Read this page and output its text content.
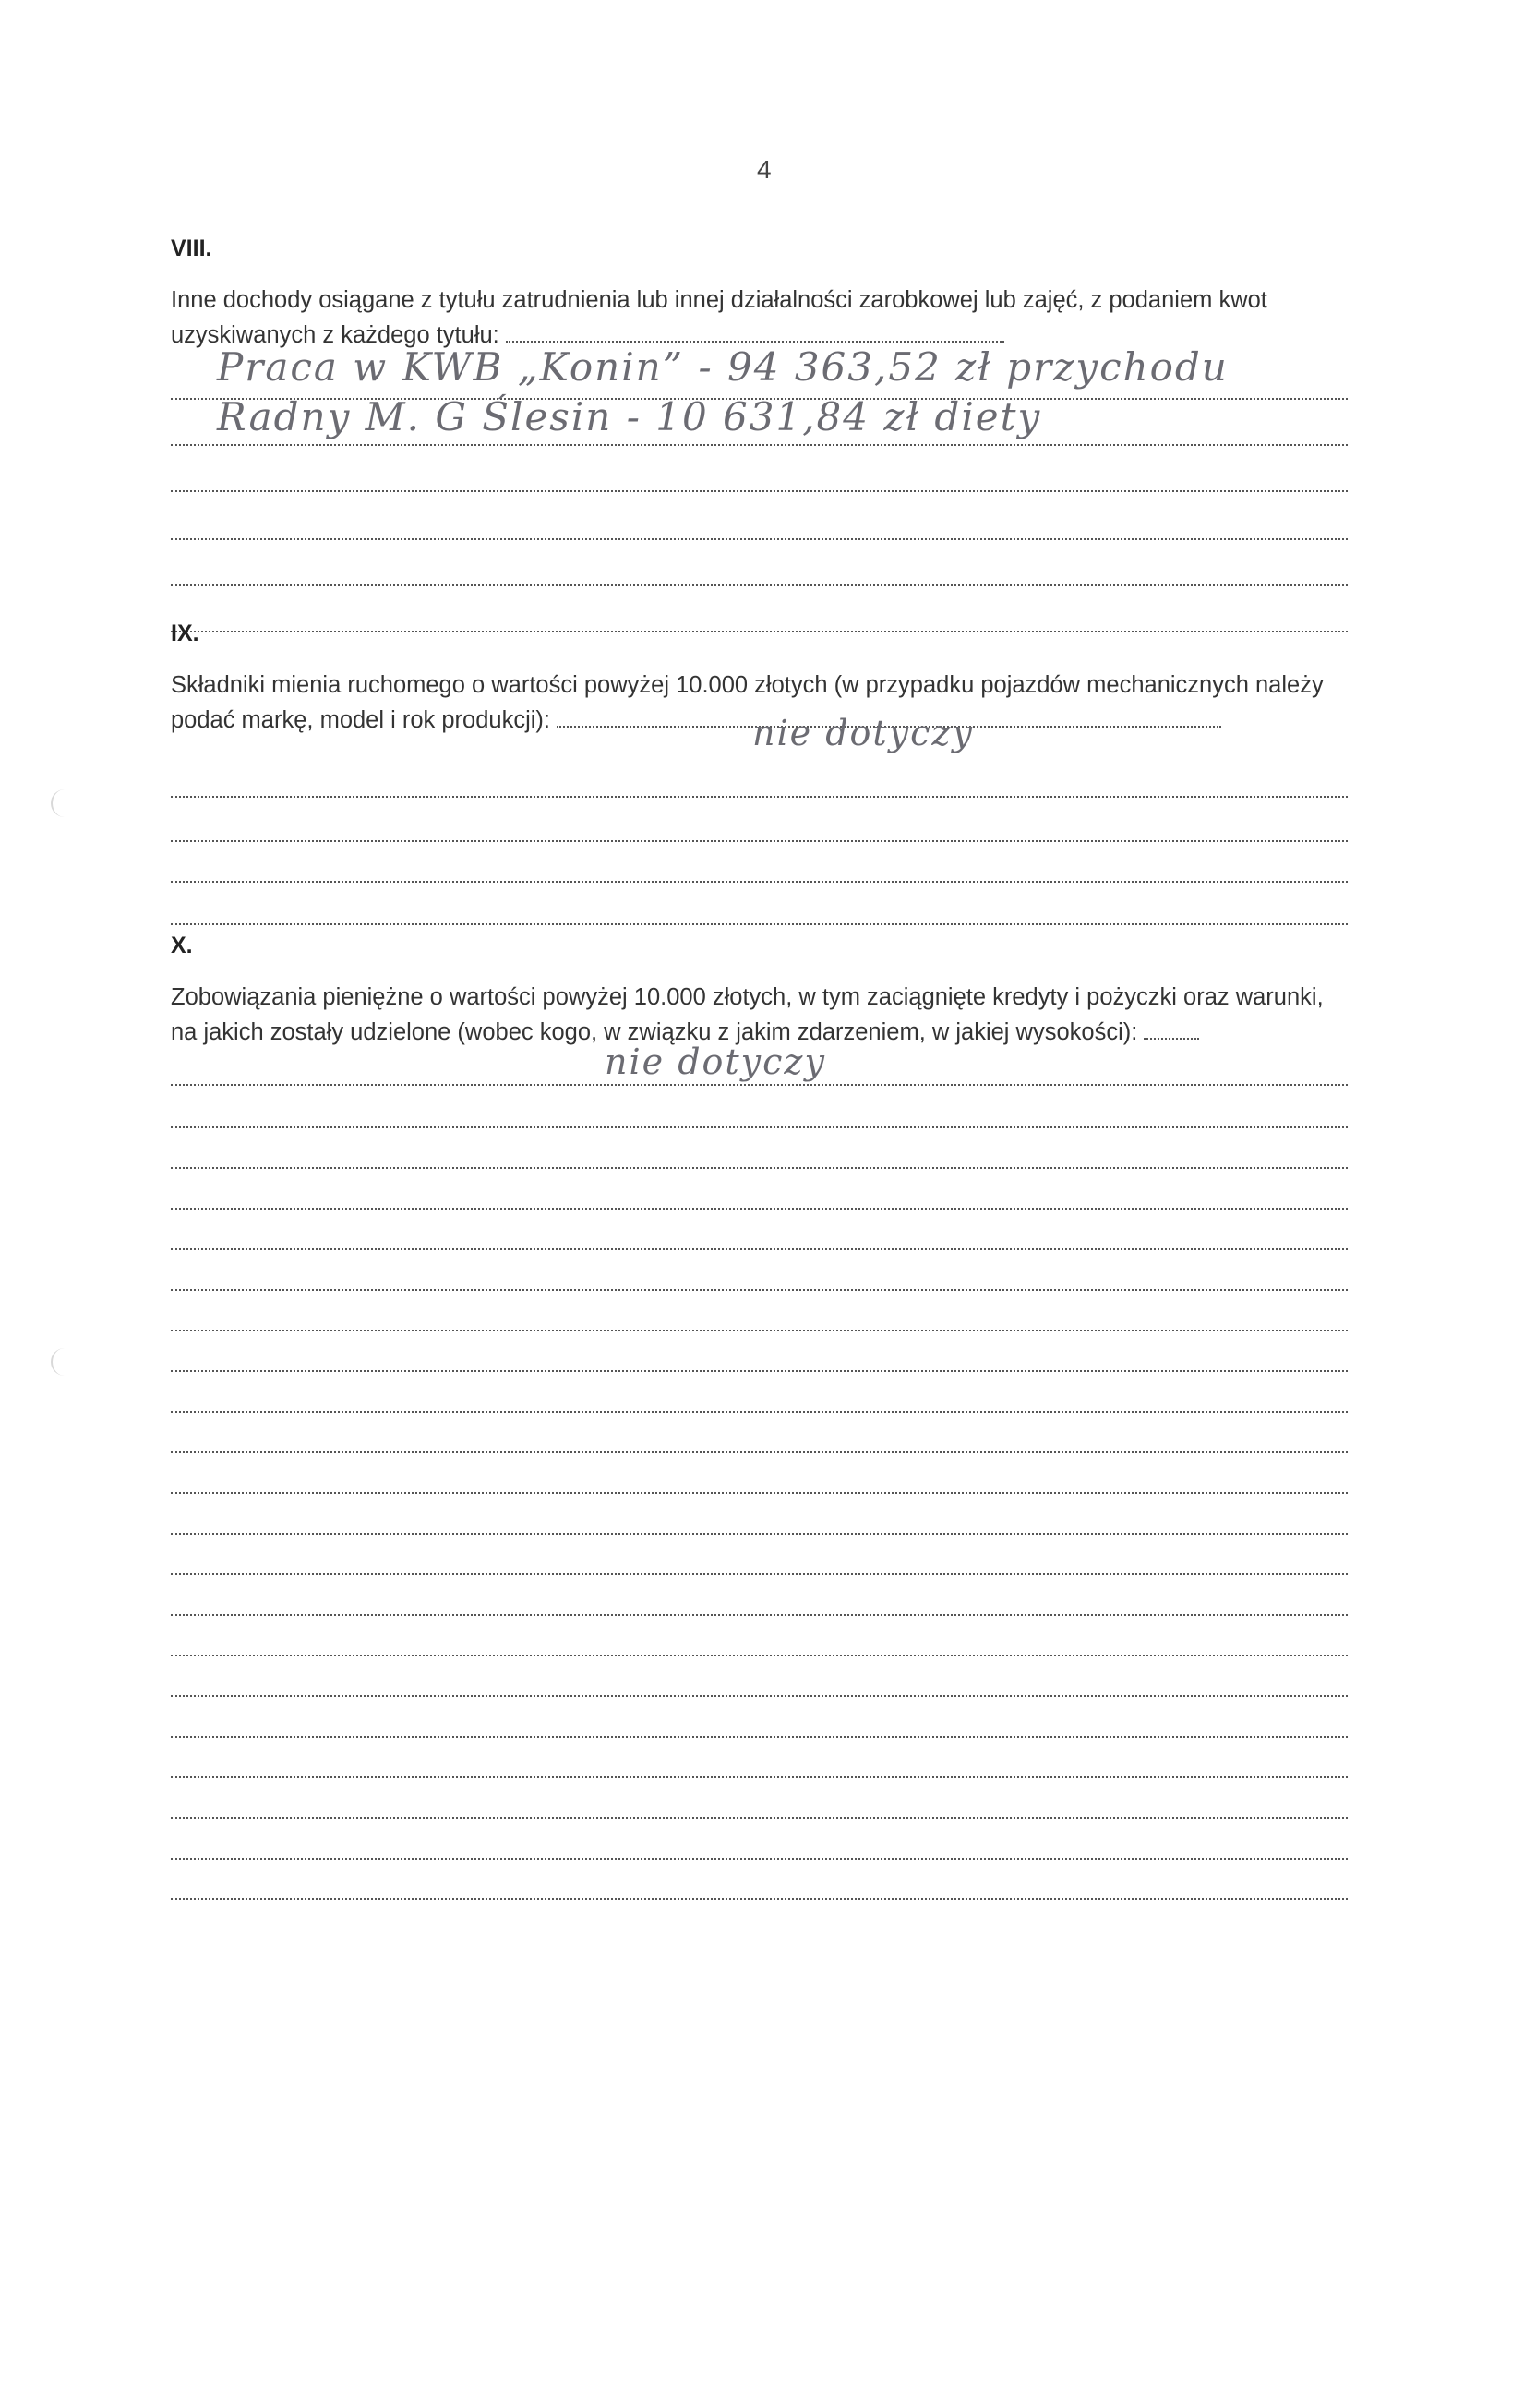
4
VIII.

Inne dochody osiągane z tytułu zatrudnienia lub innej działalności zarobkowej lub zajęć, z podaniem kwot uzyskiwanych z każdego tytułu:

Praca w KWB „Konin” - 94 363,52 zł przychodu
Radny M. G Ślesin - 10 631,84 zł diety
IX.

Składniki mienia ruchomego o wartości powyżej 10.000 złotych (w przypadku pojazdów mechanicznych należy podać markę, model i rok produkcji):	nie dotyczy
X.

Zobowiązania pieniężne o wartości powyżej 10.000 złotych, w tym zaciągnięte kredyty i pożyczki oraz warunki, na jakich zostały udzielone (wobec kogo, w związku z jakim zdarzeniem, w jakiej wysokości):

nie dotyczy
